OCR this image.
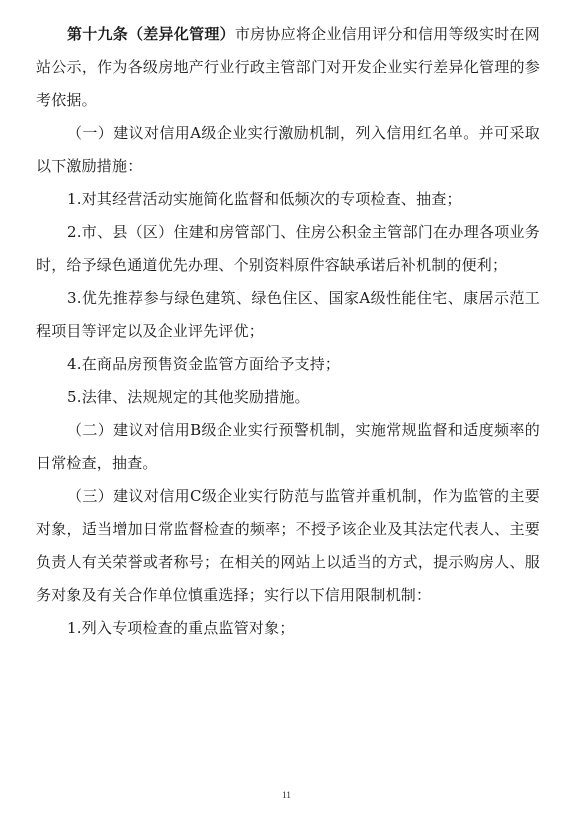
第十九条（差异化管理）市房协应将企业信用评分和信用等级实时在网站公示，作为各级房地产行业行政主管部门对开发企业实行差异化管理的参考依据。

（一）建议对信用A级企业实行激励机制，列入信用红名单。并可采取以下激励措施：

1.对其经营活动实施简化监督和低频次的专项检查、抽查；

2.市、县（区）住建和房管部门、住房公积金主管部门在办理各项业务时，给予绿色通道优先办理、个别资料原件容缺承诺后补机制的便利；

3.优先推荐参与绿色建筑、绿色住区、国家A级性能住宅、康居示范工程项目等评定以及企业评先评优；

4.在商品房预售资金监管方面给予支持；

5.法律、法规规定的其他奖励措施。

（二）建议对信用B级企业实行预警机制，实施常规监督和适度频率的日常检查，抽查。

（三）建议对信用C级企业实行防范与监管并重机制，作为监管的主要对象，适当增加日常监督检查的频率；不授予该企业及其法定代表人、主要负责人有关荣誉或者称号；在相关的网站上以适当的方式，提示购房人、服务对象及有关合作单位慎重选择；实行以下信用限制机制：

1.列入专项检查的重点监管对象；

11
